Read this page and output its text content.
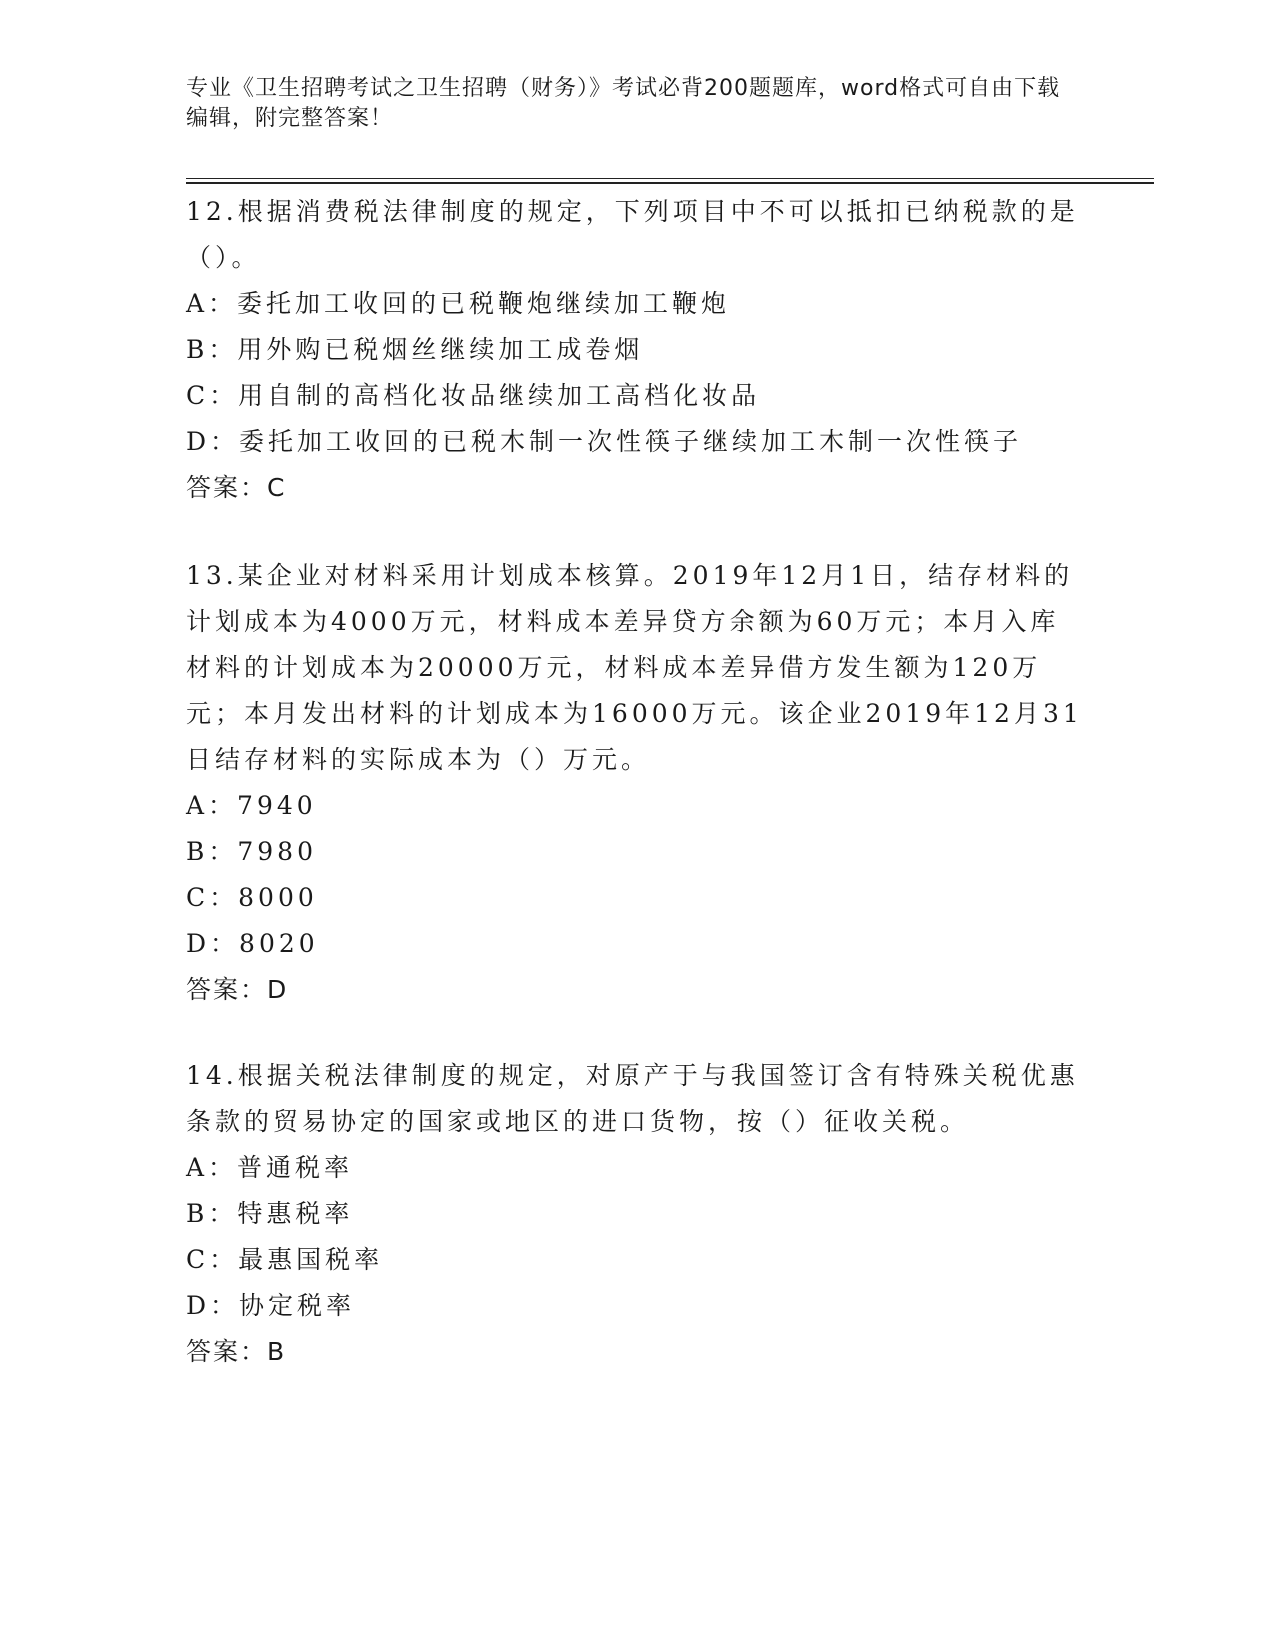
专业《卫生招聘考试之卫生招聘（财务）》考试必背200题题库，word格式可自由下载编辑，附完整答案！

12.根据消费税法律制度的规定，下列项目中不可以抵扣已纳税款的是（）。

A：委托加工收回的已税鞭炮继续加工鞭炮

B：用外购已税烟丝继续加工成卷烟

C：用自制的高档化妆品继续加工高档化妆品

D：委托加工收回的已税木制一次性筷子继续加工木制一次性筷子

答案：C

13.某企业对材料采用计划成本核算。2019年12月1日，结存材料的计划成本为4000万元，材料成本差异贷方余额为60万元；本月入库材料的计划成本为20000万元，材料成本差异借方发生额为120万元；本月发出材料的计划成本为16000万元。该企业2019年12月31日结存材料的实际成本为（）万元。

A：7940

B：7980

C：8000

D：8020

答案：D

14.根据关税法律制度的规定，对原产于与我国签订含有特殊关税优惠条款的贸易协定的国家或地区的进口货物，按（）征收关税。

A：普通税率

B：特惠税率

C：最惠国税率

D：协定税率

答案：B
